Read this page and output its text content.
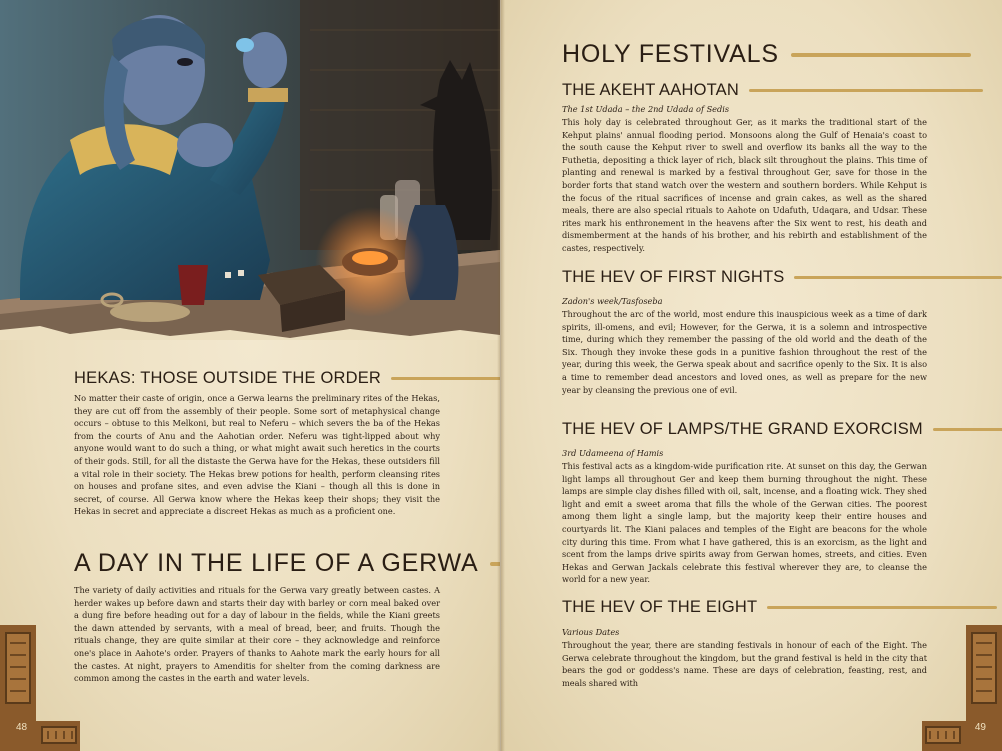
HEKAS: THOSE OUTSIDE THE ORDER
No matter their caste of origin, once a Gerwa learns the preliminary rites of the Hekas, they are cut off from the assembly of their people. Some sort of metaphysical change occurs – obtuse to this Melkoni, but real to Neferu – which severs the ba of the Hekas from the courts of Anu and the Aahotian order. Neferu was tight-lipped about why anyone would want to do such a thing, or what might await such heretics in the courts of their gods. Still, for all the distaste the Gerwa have for the Hekas, these outsiders fill a vital role in their society. The Hekas brew potions for health, perform cleansing rites on houses and profane sites, and even advise the Kiani – though all this is done in secret, of course. All Gerwa know where the Hekas keep their shops; they visit the Hekas in secret and appreciate a discreet Hekas as much as a proficient one.
A DAY IN THE LIFE OF A GERWA
The variety of daily activities and rituals for the Gerwa vary greatly between castes. A herder wakes up before dawn and starts their day with barley or corn meal baked over a dung fire before heading out for a day of labour in the fields, while the Kiani greets the dawn attended by servants, with a meal of bread, beer, and fruits. Though the rituals change, they are quite similar at their core – they acknowledge and reinforce one's place in Aahote's order. Prayers of thanks to Aahote mark the early hours for all the castes. At night, prayers to Amenditis for shelter from the coming darkness are common among the castes in the earth and water levels.
48
HOLY FESTIVALS
THE AKEHT AAHOTAN
The 1st Udada – the 2nd Udada of Sedis
This holy day is celebrated throughout Ger, as it marks the traditional start of the Kehput plains' annual flooding period. Monsoons along the Gulf of Henaia's coast to the south cause the Kehput river to swell and overflow its banks all the way to the Futhetia, depositing a thick layer of rich, black silt throughout the plains. This time of planting and renewal is marked by a festival throughout Ger, save for those in the border forts that stand watch over the western and southern borders. While Kehput is the focus of the ritual sacrifices of incense and grain cakes, as well as the shared meals, there are also special rituals to Aahote on Udafuth, Udaqara, and Udsar. These rites mark his enthronement in the heavens after the Six went to rest, his death and dismemberment at the hands of his brother, and his rebirth and establishment of the castes, respectively.
THE HEV OF FIRST NIGHTS
Zadon's week/Tasfoseba
Throughout the arc of the world, most endure this inauspicious week as a time of dark spirits, ill-omens, and evil; However, for the Gerwa, it is a solemn and introspective time, during which they remember the passing of the old world and the death of the Six. Though they invoke these gods in a punitive fashion throughout the rest of the year, during this week, the Gerwa speak about and sacrifice openly to the Six. It is also a time to remember dead ancestors and loved ones, as well as prepare for the new year by cleansing the previous one of evil.
THE HEV OF LAMPS/THE GRAND EXORCISM
3rd Udameena of Hamis
This festival acts as a kingdom-wide purification rite. At sunset on this day, the Gerwan light lamps all throughout Ger and keep them burning throughout the night. These lamps are simple clay dishes filled with oil, salt, incense, and a floating wick. They shed light and emit a sweet aroma that fills the whole of the Gerwan cities. The poorest among them light a single lamp, but the majority keep their entire houses and courtyards lit. The Kiani palaces and temples of the Eight are beacons for the whole city during this time. From what I have gathered, this is an exorcism, as the light and scent from the lamps drive spirits away from Gerwan homes, streets, and cities. Even Hekas and Gerwan Jackals celebrate this festival wherever they are, to cleanse the world for a new year.
THE HEV OF THE EIGHT
Various Dates
Throughout the year, there are standing festivals in honour of each of the Eight. The Gerwa celebrate throughout the kingdom, but the grand festival is held in the city that bears the god or goddess's name. These are days of celebration, feasting, rest, and meals shared with
49
